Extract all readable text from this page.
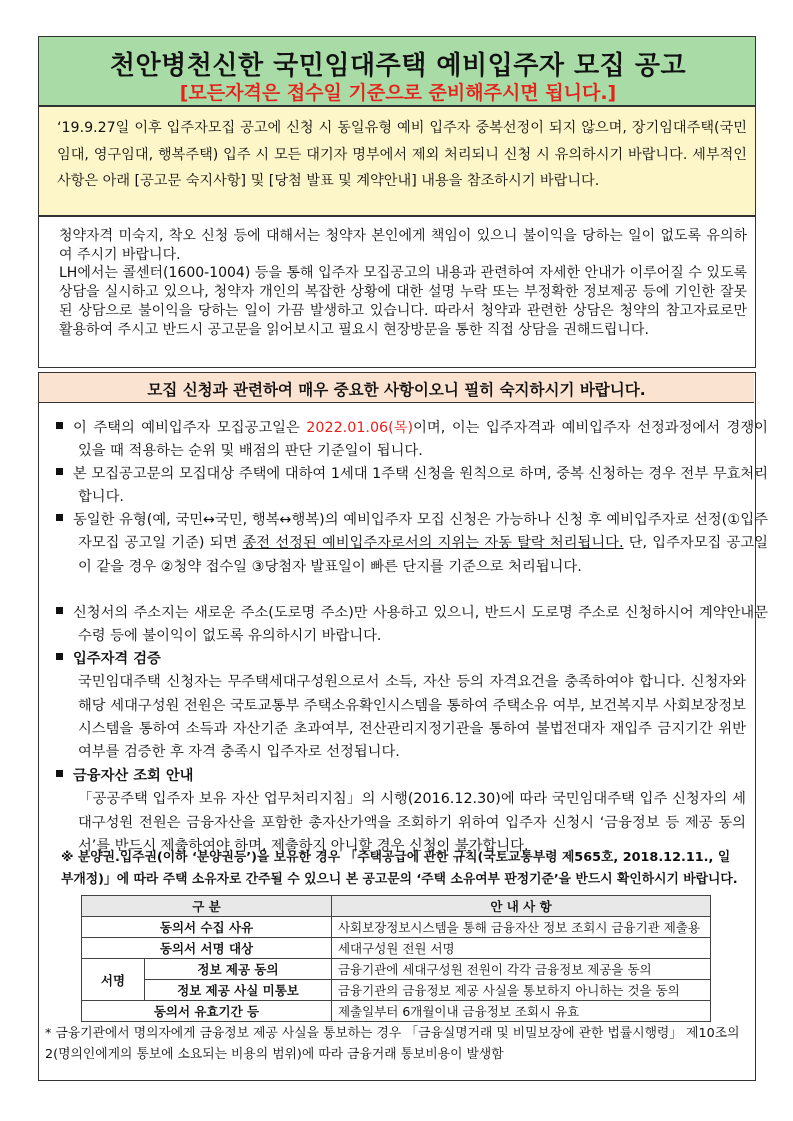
천안병천신한 국민임대주택 예비입주자 모집 공고
[모든자격은 접수일 기준으로 준비해주시면 됩니다.]
‘19.9.27일 이후 입주자모집 공고에 신청 시 동일유형 예비 입주자 중복선정이 되지 않으며, 장기임대주택(국민임대, 영구임대, 행복주택) 입주 시 모든 대기자 명부에서 제외 처리되니 신청 시 유의하시기 바랍니다. 세부적인 사항은 아래 [공고문 숙지사항] 및 [당첨 발표 및 계약안내] 내용을 참조하시기 바랍니다.

청약자격 미숙지, 착오 신청 등에 대해서는 청약자 본인에게 책임이 있으니 불이익을 당하는 일이 없도록 유의하여 주시기 바랍니다.

LH에서는 콜센터(1600-1004) 등을 통해 입주자 모집공고의 내용과 관련하여 자세한 안내가 이루어질 수 있도록 상담을 실시하고 있으나, 청약자 개인의 복잡한 상황에 대한 설명 누락 또는 부정확한 정보제공 등에 기인한 잘못된 상담으로 불이익을 당하는 일이 가끔 발생하고 있습니다. 따라서 청약과 관련한 상담은 청약의 참고자료로만 활용하여 주시고 반드시 공고문을 읽어보시고 필요시 현장방문을 통한 직접 상담을 권해드립니다.

모집 신청과 관련하여 매우 중요한 사항이오니 필히 숙지하시기 바랍니다.
이 주택의 예비입주자 모집공고일은 2022.01.06(목)이며, 이는 입주자격과 예비입주자 선정과정에서 경쟁이 있을 때 적용하는 순위 및 배점의 판단 기준일이 됩니다.
본 모집공고문의 모집대상 주택에 대하여 1세대 1주택 신청을 원칙으로 하며, 중복 신청하는 경우 전부 무효처리 합니다.
동일한 유형(예, 국민↔국민, 행복↔행복)의 예비입주자 모집 신청은 가능하나 신청 후 예비입주자로 선정(①입주자모집 공고일 기준) 되면 종전 선정된 예비입주자로서의 지위는 자동 탈락 처리됩니다. 단, 입주자모집 공고일이 같을 경우 ②청약 접수일 ③당첨자 발표일이 빠른 단지를 기준으로 처리됩니다.
신청서의 주소지는 새로운 주소(도로명 주소)만 사용하고 있으니, 반드시 도로명 주소로 신청하시어 계약안내문 수령 등에 불이익이 없도록 유의하시기 바랍니다.
입주자격 검증
국민임대주택 신청자는 무주택세대구성원으로서 소득, 자산 등의 자격요건을 충족하여야 합니다. 신청자와 해당 세대구성원 전원은 국토교통부 주택소유확인시스템을 통하여 주택소유 여부, 보건복지부 사회보장정보시스템을 통하여 소득과 자산기준 초과여부, 전산관리지정기관을 통하여 불법전대자 재입주 금지기간 위반 여부를 검증한 후 자격 충족시 입주자로 선정됩니다.
금융자산 조회 안내
「공공주택 입주자 보유 자산 업무처리지침」의 시행(2016.12.30)에 따라 국민임대주택 입주 신청자의 세대구성원 전원은 금융자산을 포함한 총자산가액을 조회하기 위하여 입주자 신청시 ‘금융정보 등 제공 동의서’를 반드시 제출하여야 하며, 제출하지 아니할 경우 신청이 불가합니다.
※ 분양권.입주권(이하 ‘분양권등’)을 보유한 경우 「주택공급에 관한 규칙(국토교통부령 제565호, 2018.12.11., 일부개정)」에 따라 주택 소유자로 간주될 수 있으니 본 공고문의 ‘주택 소유여부 판정기준’을 반드시 확인하시기 바랍니다.
구 분		안 내 사 항
동의서 수집 사유		사회보장정보시스템을 통해 금융자산 정보 조회시 금융기관 제출용
동의서 서명 대상		세대구성원 전원 서명
서명	정보 제공 동의	금융기관에 세대구성원 전원이 각각 금융정보 제공을 동의
	정보 제공 사실 미통보	금융기관의 금융정보 제공 사실을 통보하지 아니하는 것을 동의
동의서 유효기간 등		제출일부터 6개월이내 금융정보 조회시 유효
* 금융기관에서 명의자에게 금융정보 제공 사실을 통보하는 경우 「금융실명거래 및 비밀보장에 관한 법률시행령」 제10조의2(명의인에게의 통보에 소요되는 비용의 범위)에 따라 금융거래 통보비용이 발생함
